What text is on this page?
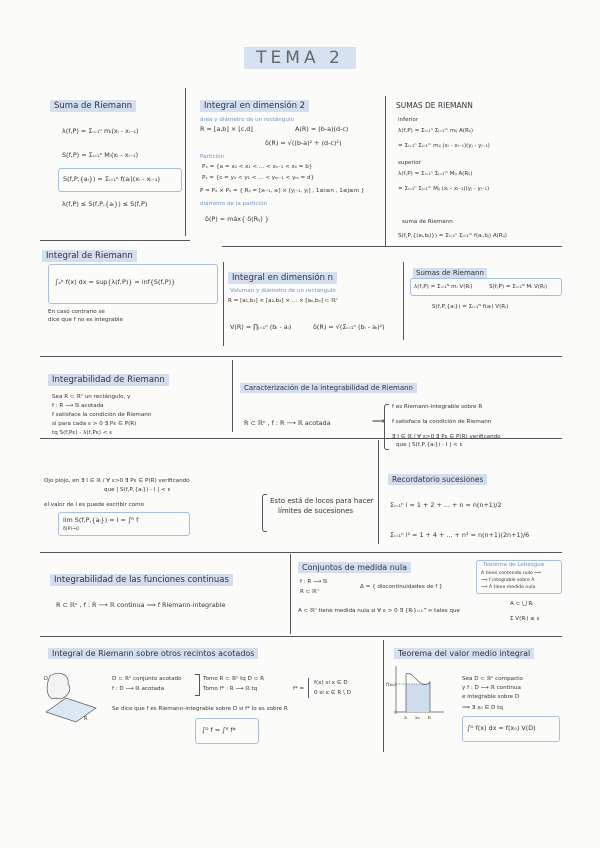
TEMA 2
Suma de Riemann
λ(f,P) = Σᵢ₌₁ⁿ mᵢ(xᵢ - xᵢ₋₁)
S(f,P) = Σᵢ₌₁ⁿ Mᵢ(xᵢ - xᵢ₋₁)
S(f,P,{aᵢ}) = Σᵢ₌₁ⁿ f(aᵢ)(xᵢ - xᵢ₋₁)
λ(f,P) ≤ S(f,P,{aᵢ}) ≤ S(f,P)
Integral en dimensión 2
área y diámetro de un rectángulo
R = [a,b] × [c,d]	A(R) = (b-a)(d-c)
δ(R) = √((b-a)² + (d-c)²)
Partición
Pₓ = {a = x₀ < x₁ < ... < xₙ₋₁ < xₙ = b}
Pᵧ = {c = y₀ < y₁ < ... < yₘ₋₁ < yₘ = d}
P = Pₓ × Pᵧ = { Rᵢⱼ = [xᵢ₋₁, xᵢ] × [yⱼ₋₁, yⱼ] , 1≤i≤n , 1≤j≤m }
diámetro de la partición
δ(P) = máx{ δ(Rᵢⱼ) }
SUMAS DE RIEMANN
inferior
λ(f,P) = Σᵢ₌₁ⁿ Σⱼ₌₁ᵐ mᵢⱼ A(Rᵢⱼ)
= Σᵢ₌₁ⁿ Σⱼ₌₁ᵐ mᵢⱼ (xᵢ - xᵢ₋₁)(yⱼ - yⱼ₋₁)
superior
λ(f,P) = Σᵢ₌₁ⁿ Σⱼ₌₁ᵐ Mᵢⱼ A(Rᵢⱼ)
= Σᵢ₌₁ⁿ Σⱼ₌₁ᵐ Mᵢⱼ (xᵢ - xᵢ₋₁)(yⱼ - yⱼ₋₁)
suma de Riemann
S(f,P,{(aᵢ,bⱼ)}) = Σᵢ₌₁ⁿ Σⱼ₌₁ᵐ f(aᵢ,bⱼ) A(Rᵢⱼ)
Integral de Riemann
∫ₐᵇ f(x) dx = sup{λ(f,P)} = inf{S(f,P)}
En caso contrario se
dice que f no es integrable
Integral en dimensión n
Volumen y diámetro de un rectángulo
R = [a₁,b₁] × [a₂,b₂] × ... × [aₙ,bₙ] ⊂ ℝⁿ
V(R) = ∏ᵢ₌₁ⁿ (bᵢ - aᵢ)	δ(R) = √(Σᵢ₌₁ⁿ (bᵢ - aᵢ)²)
Sumas de Riemann
λ(f,P) = Σᵢ₌₁ᴺ mᵢ V(Rᵢ)	S(f,P) = Σᵢ₌₁ᴺ Mᵢ V(Rᵢ)
S(f,P,{aᵢ}) = Σᵢ₌₁ᴺ f(aᵢ) V(Rᵢ)
Integrabilidad de Riemann
Sea R ⊂ ℝⁿ un rectángulo, y
f : R ⟶ ℝ acotada
f satisface la condición de Riemann
si para cada ε > 0 ∃ Pε ∈ P(R)
tq S(f,Pε) - λ(f,Pε) < ε
Caracterización de la integrabilidad de Riemann
R ⊂ ℝⁿ , f : R ⟶ ℝ acotada	⟹
f es Riemann-integrable sobre R
f satisface la condición de Riemann
∃ I ∈ ℝ / ∀ ε>0 ∃ Pε ∈ P(R) verificando
que | S(f,P,{aᵢ}) - I | < ε
Ojo piojo, en ∃ I ∈ ℝ / ∀ ε>0 ∃ Pε ∈ P(R) verificando
que | S(f,P,{aᵢ}) - I | < ε
el valor de I es puede escribir como
lim S(f,P,{aᵢ}) = I = ∫ᴿ f
δ(P)→0
Esto está de locos para hacer
límites de sucesiones
Recordatorio sucesiones
Σᵢ₌₁ⁿ i = 1 + 2 + ... + n = n(n+1)/2
Σᵢ₌₁ⁿ i² = 1 + 4 + ... + n² = n(n+1)(2n+1)/6
Integrabilidad de las funciones continuas
R ⊂ ℝⁿ , f : R ⟶ ℝ continua ⟹ f Riemann-integrable
Conjuntos de medida nula
f : R ⟶ ℝ
R ⊂ ℝⁿ
Δ = { discontinuidades de f }
A ⊂ ℝⁿ tiene medida nula si ∀ ε > 0 ∃ {Rᵢ}ᵢ₌₁^∞ tales que
A ⊂ ⋃ Rᵢ
Σ V(Rᵢ) ≤ ε
Teorema de Lebesgue
A tiene contenido nulo ⟹
⟹ f integrable sobre A
⟹ A tiene medida nula
Integral de Riemann sobre otros recintos acotados
D
R
D ⊂ ℝⁿ conjunto acotado
f : D ⟶ ℝ acotada
Tomo R ⊂ ℝⁿ tq D ⊂ R
Tomo f* : R ⟶ ℝ tq	f* =
f(x) si x ∈ D
0 si x ∈ R \ D
Se dice que f es Riemann-integrable sobre D si f* lo es sobre R
∫ᴰ f = ∫ᴿ f*
Teorema del valor medio integral
f(x₀)
a x₀ b
Sea D ⊂ ℝⁿ compacto
y f : D ⟶ ℝ continua
e integrable sobre D
⟹ ∃ x₀ ∈ D tq
∫ᴰ f(x) dx = f(x₀) V(D)
